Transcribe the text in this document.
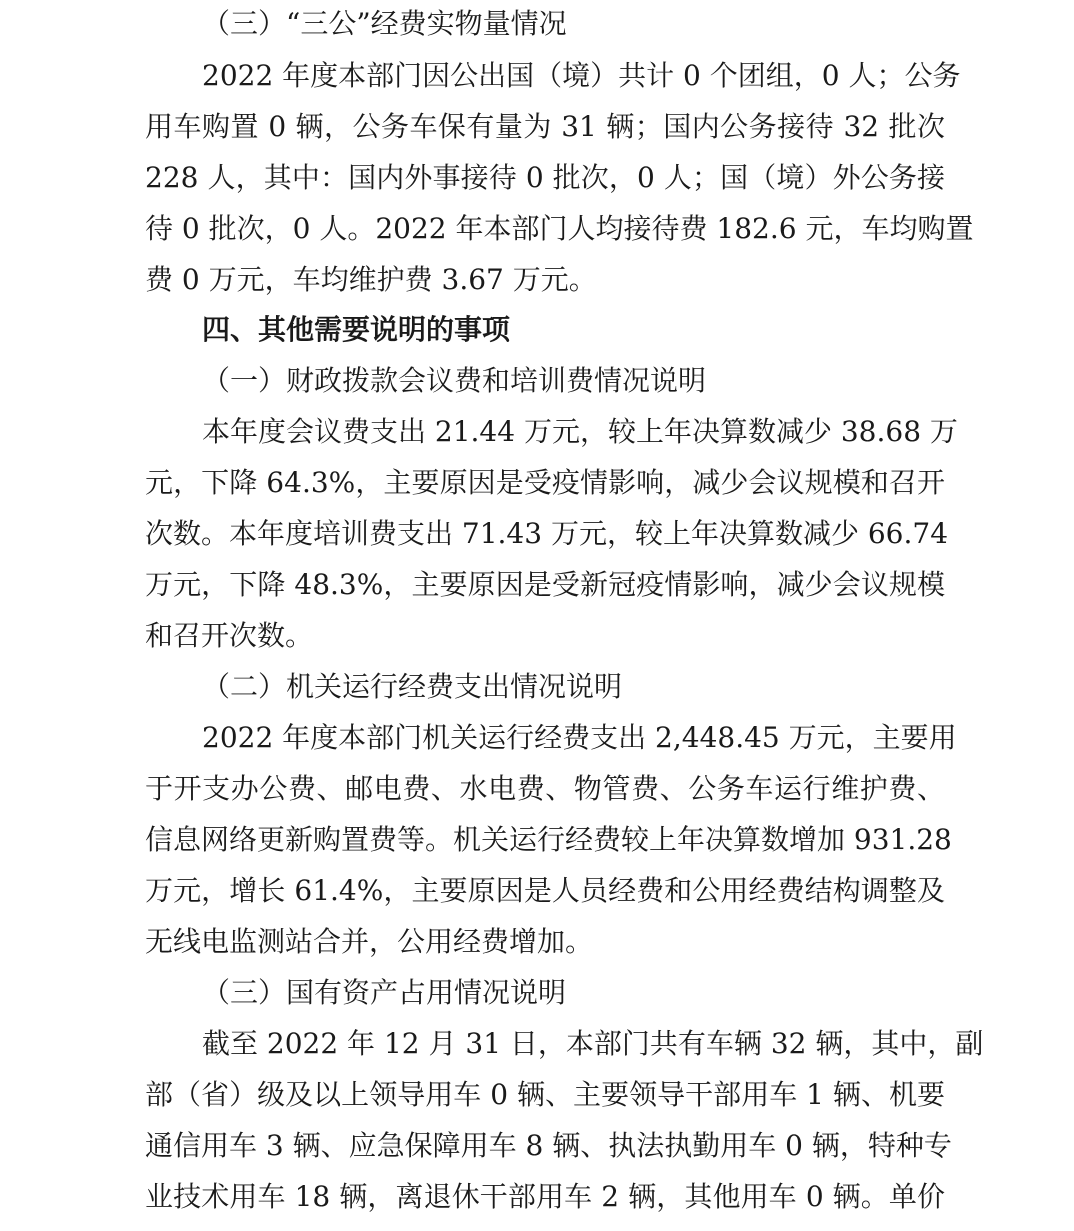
（三）“三公”经费实物量情况
2022 年度本部门因公出国（境）共计 0 个团组，0 人；公务
用车购置 0 辆，公务车保有量为 31 辆；国内公务接待 32 批次
228 人，其中：国内外事接待 0 批次，0 人；国（境）外公务接
待 0 批次，0 人。2022 年本部门人均接待费 182.6 元，车均购置
费 0 万元，车均维护费 3.67 万元。
四、其他需要说明的事项
（一）财政拨款会议费和培训费情况说明
本年度会议费支出 21.44 万元，较上年决算数减少 38.68 万
元，下降 64.3%，主要原因是受疫情影响，减少会议规模和召开
次数。本年度培训费支出 71.43 万元，较上年决算数减少 66.74
万元，下降 48.3%，主要原因是受新冠疫情影响，减少会议规模
和召开次数。
（二）机关运行经费支出情况说明
2022 年度本部门机关运行经费支出 2,448.45 万元，主要用
于开支办公费、邮电费、水电费、物管费、公务车运行维护费、
信息网络更新购置费等。机关运行经费较上年决算数增加 931.28
万元，增长 61.4%，主要原因是人员经费和公用经费结构调整及
无线电监测站合并，公用经费增加。
（三）国有资产占用情况说明
截至 2022 年 12 月 31 日，本部门共有车辆 32 辆，其中，副
部（省）级及以上领导用车 0 辆、主要领导干部用车 1 辆、机要
通信用车 3 辆、应急保障用车 8 辆、执法执勤用车 0 辆，特种专
业技术用车 18 辆，离退休干部用车 2 辆，其他用车 0 辆。单价
